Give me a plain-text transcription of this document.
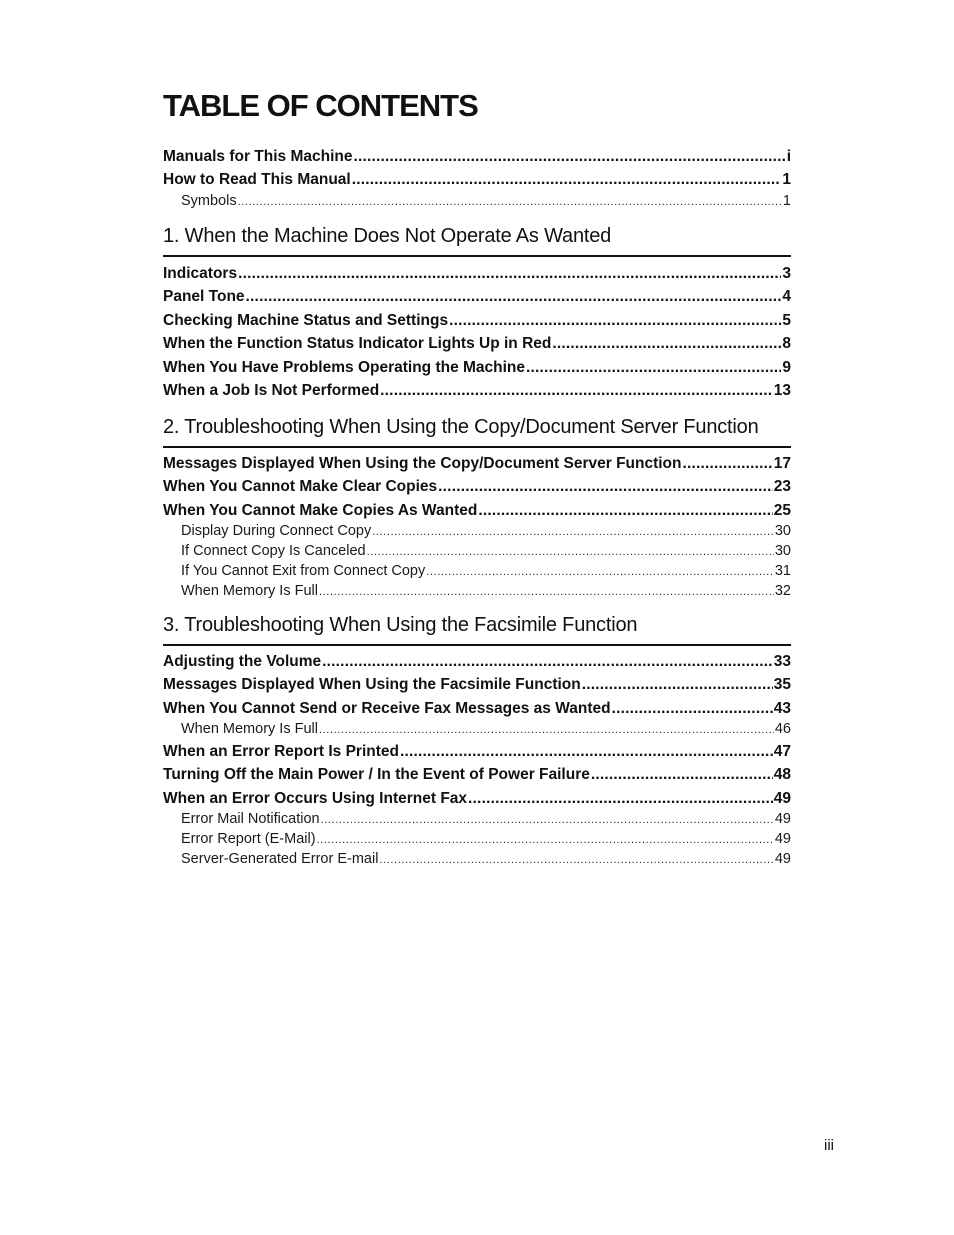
TABLE OF CONTENTS
Manuals for This Machine .....	i
How to Read This Manual .....	1
Symbols .....	1
1. When the Machine Does Not Operate As Wanted
Indicators .....	3
Panel Tone .....	4
Checking Machine Status and Settings .....	5
When the Function Status Indicator Lights Up in Red .....	8
When You Have Problems Operating the Machine .....	9
When a Job Is Not Performed .....	13
2. Troubleshooting When Using the Copy/Document Server Function
Messages Displayed When Using the Copy/Document Server Function .....	17
When You Cannot Make Clear Copies .....	23
When You Cannot Make Copies As Wanted .....	25
Display During Connect Copy .....	30
If Connect Copy Is Canceled .....	30
If You Cannot Exit from Connect Copy .....	31
When Memory Is Full .....	32
3. Troubleshooting When Using the Facsimile Function
Adjusting the Volume .....	33
Messages Displayed When Using the Facsimile Function .....	35
When You Cannot Send or Receive Fax Messages as Wanted .....	43
When Memory Is Full .....	46
When an Error Report Is Printed .....	47
Turning Off the Main Power / In the Event of Power Failure .....	48
When an Error Occurs Using Internet Fax .....	49
Error Mail Notification .....	49
Error Report (E-Mail) .....	49
Server-Generated Error E-mail .....	49
iii
